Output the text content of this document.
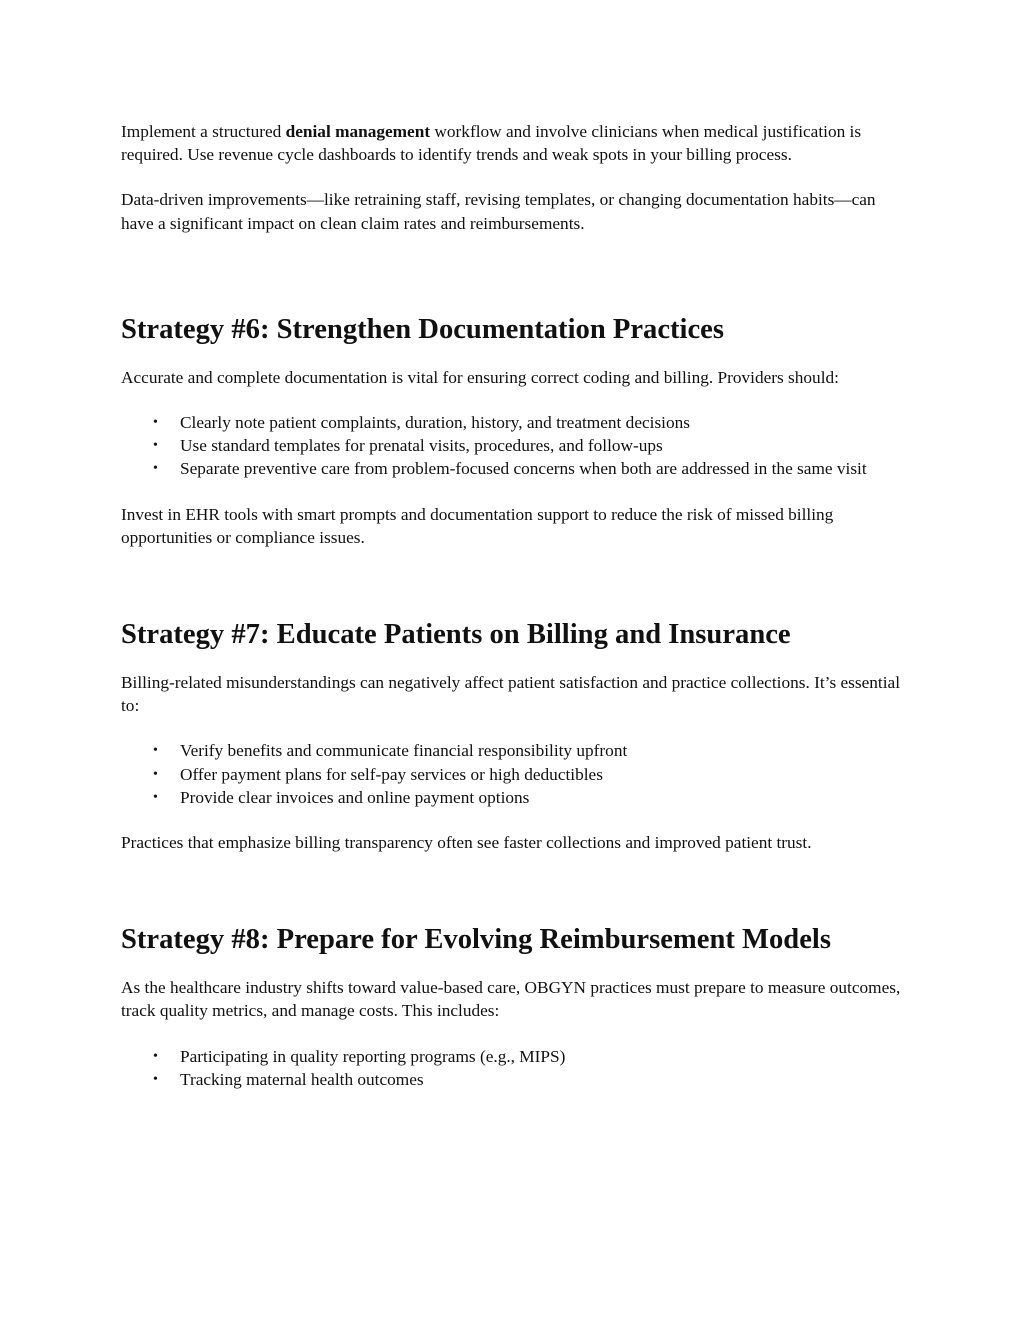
Implement a structured denial management workflow and involve clinicians when medical justification is required. Use revenue cycle dashboards to identify trends and weak spots in your billing process.

Data-driven improvements—like retraining staff, revising templates, or changing documentation habits—can have a significant impact on clean claim rates and reimbursements.

Strategy #6: Strengthen Documentation Practices

Accurate and complete documentation is vital for ensuring correct coding and billing. Providers should:

• Clearly note patient complaints, duration, history, and treatment decisions
• Use standard templates for prenatal visits, procedures, and follow-ups
• Separate preventive care from problem-focused concerns when both are addressed in the same visit

Invest in EHR tools with smart prompts and documentation support to reduce the risk of missed billing opportunities or compliance issues.

Strategy #7: Educate Patients on Billing and Insurance

Billing-related misunderstandings can negatively affect patient satisfaction and practice collections. It’s essential to:

• Verify benefits and communicate financial responsibility upfront
• Offer payment plans for self-pay services or high deductibles
• Provide clear invoices and online payment options

Practices that emphasize billing transparency often see faster collections and improved patient trust.

Strategy #8: Prepare for Evolving Reimbursement Models

As the healthcare industry shifts toward value-based care, OBGYN practices must prepare to measure outcomes, track quality metrics, and manage costs. This includes:

• Participating in quality reporting programs (e.g., MIPS)
• Tracking maternal health outcomes
